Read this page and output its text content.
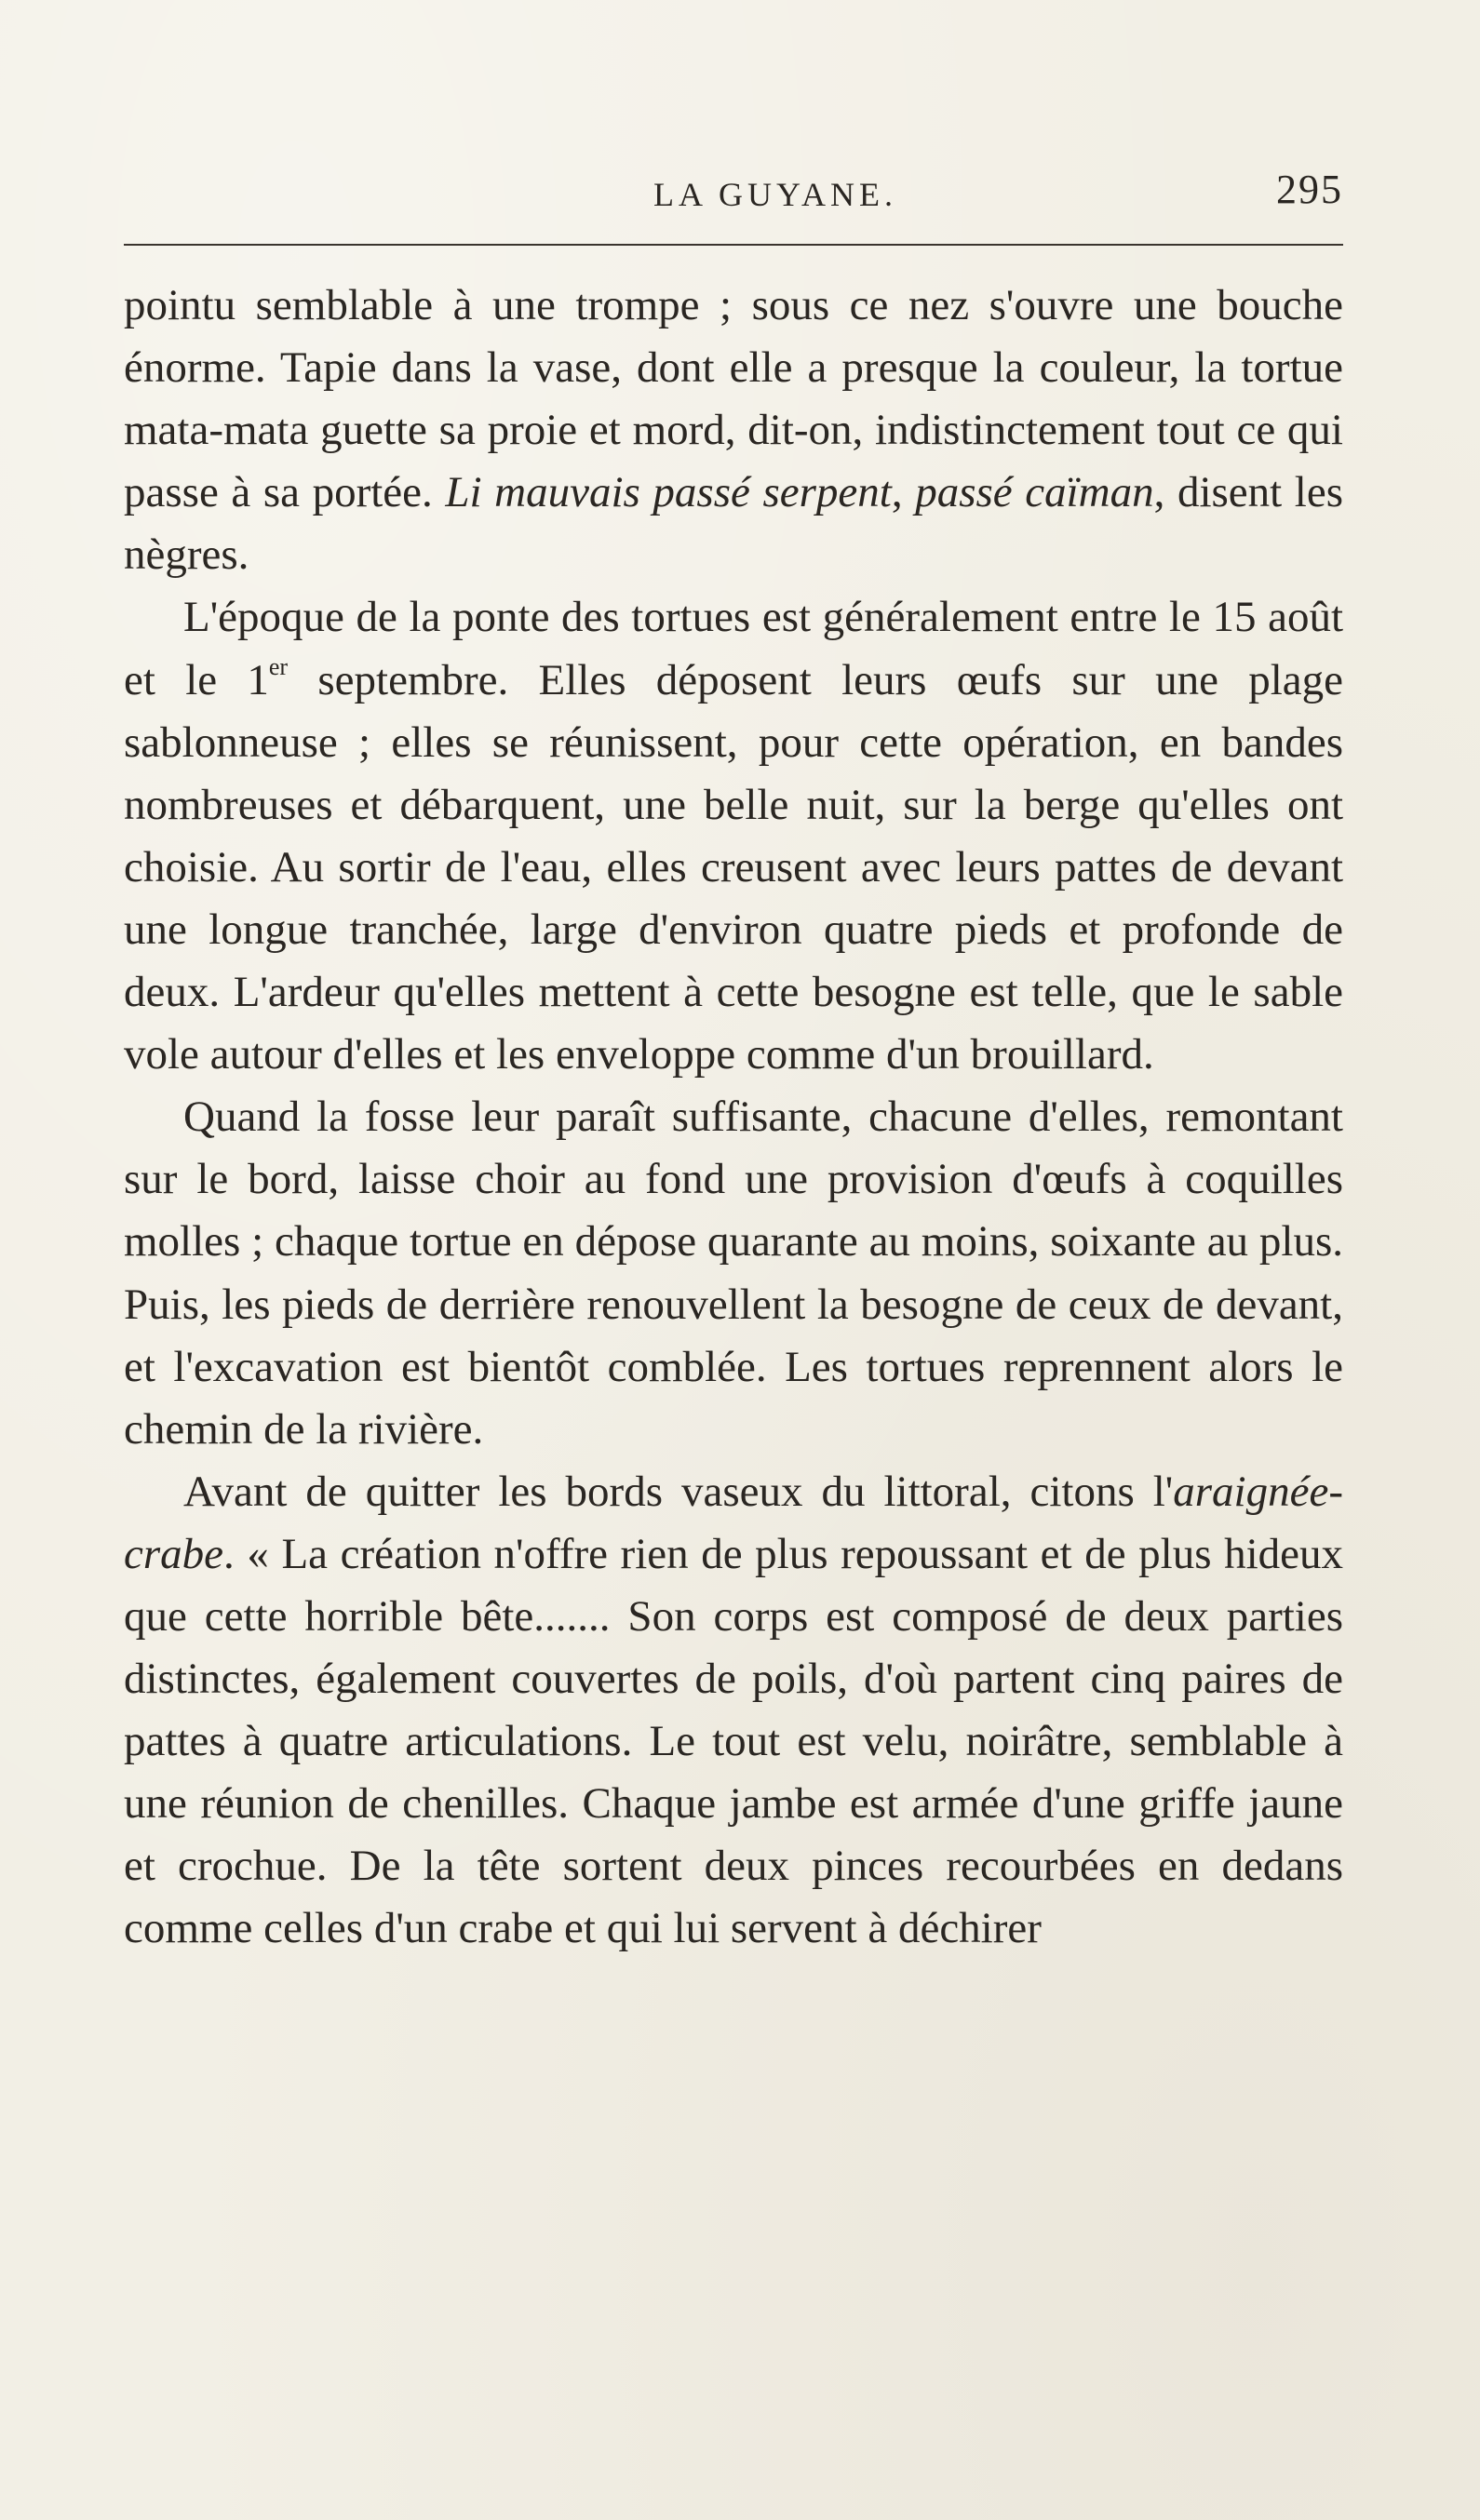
LA GUYANE.	295

pointu semblable à une trompe ; sous ce nez s'ouvre une bouche énorme. Tapie dans la vase, dont elle a presque la couleur, la tortue mata-mata guette sa proie et mord, dit-on, indistinctement tout ce qui passe à sa portée. Li mauvais passé serpent, passé caïman, disent les nègres.

L'époque de la ponte des tortues est généralement entre le 15 août et le 1er septembre. Elles déposent leurs œufs sur une plage sablonneuse ; elles se réunissent, pour cette opération, en bandes nombreuses et débarquent, une belle nuit, sur la berge qu'elles ont choisie. Au sortir de l'eau, elles creusent avec leurs pattes de devant une longue tranchée, large d'environ quatre pieds et profonde de deux. L'ardeur qu'elles mettent à cette besogne est telle, que le sable vole autour d'elles et les enveloppe comme d'un brouillard.

Quand la fosse leur paraît suffisante, chacune d'elles, remontant sur le bord, laisse choir au fond une provision d'œufs à coquilles molles ; chaque tortue en dépose quarante au moins, soixante au plus. Puis, les pieds de derrière renouvellent la besogne de ceux de devant, et l'excavation est bientôt comblée. Les tortues reprennent alors le chemin de la rivière.

Avant de quitter les bords vaseux du littoral, citons l'araignée-crabe. « La création n'offre rien de plus repoussant et de plus hideux que cette horrible bête....... Son corps est composé de deux parties distinctes, également couvertes de poils, d'où partent cinq paires de pattes à quatre articulations. Le tout est velu, noirâtre, semblable à une réunion de chenilles. Chaque jambe est armée d'une griffe jaune et crochue. De la tête sortent deux pinces recourbées en dedans comme celles d'un crabe et qui lui servent à déchirer
